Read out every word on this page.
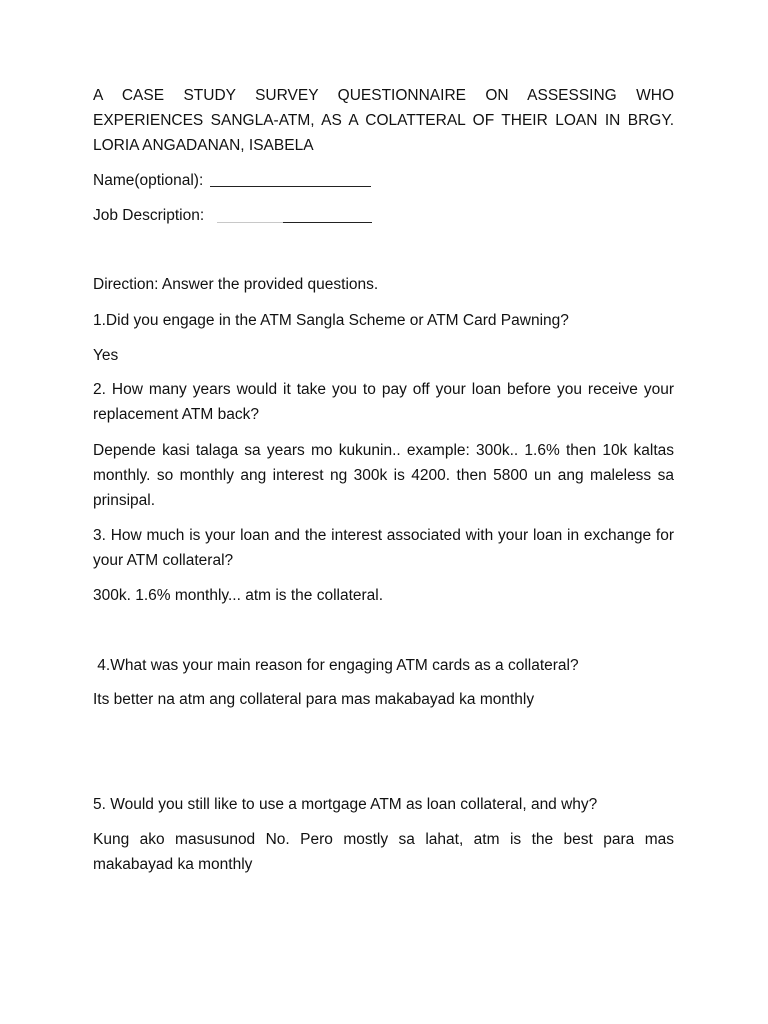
A CASE STUDY SURVEY QUESTIONNAIRE ON ASSESSING WHO EXPERIENCES SANGLA-ATM, AS A COLATTERAL OF THEIR LOAN IN BRGY. LORIA ANGADANAN, ISABELA

Name(optional):

Job Description:

Direction: Answer the provided questions.

1.Did you engage in the ATM Sangla Scheme or ATM Card Pawning?

Yes

2. How many years would it take you to pay off your loan before you receive your replacement ATM back?

Depende kasi talaga sa years mo kukunin.. example: 300k.. 1.6% then 10k kaltas monthly. so monthly ang interest ng 300k is 4200. then 5800 un ang maleless sa prinsipal.

3. How much is your loan and the interest associated with your loan in exchange for your ATM collateral?

300k. 1.6% monthly... atm is the collateral.

4.What was your main reason for engaging ATM cards as a collateral?

Its better na atm ang collateral para mas makabayad ka monthly

5. Would you still like to use a mortgage ATM as loan collateral, and why?

Kung ako masusunod No. Pero mostly sa lahat, atm is the best para mas makabayad ka monthly
